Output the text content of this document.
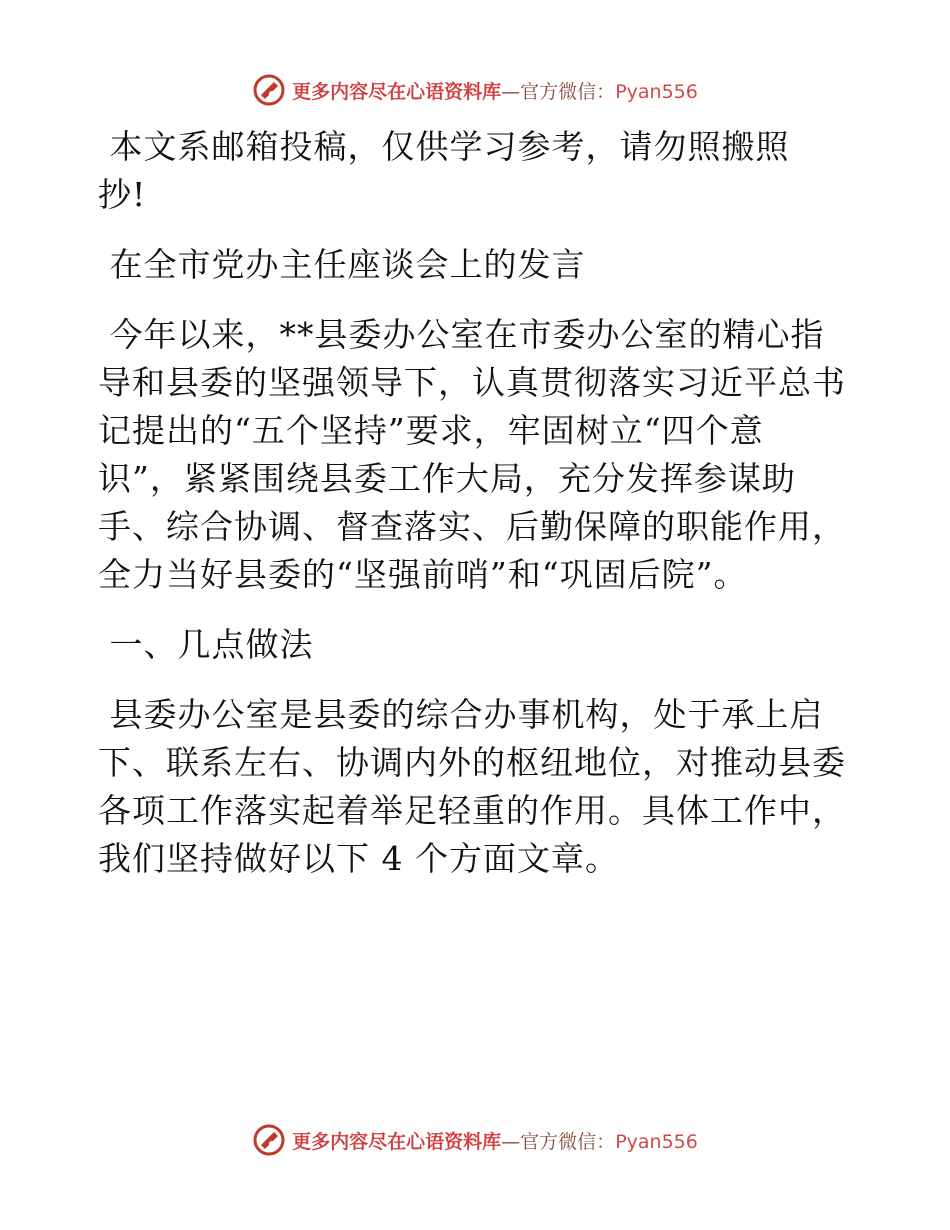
更多内容尽在心语资料库—官方微信：Pyan556

本文系邮箱投稿，仅供学习参考，请勿照搬照
抄!

在全市党办主任座谈会上的发言

今年以来，**县委办公室在市委办公室的精心指
导和县委的坚强领导下，认真贯彻落实习近平总书
记提出的“五个坚持”要求，牢固树立“四个意
识”，紧紧围绕县委工作大局，充分发挥参谋助
手、综合协调、督查落实、后勤保障的职能作用，
全力当好县委的“坚强前哨”和“巩固后院”。

一、几点做法

县委办公室是县委的综合办事机构，处于承上启
下、联系左右、协调内外的枢纽地位，对推动县委
各项工作落实起着举足轻重的作用。具体工作中，
我们坚持做好以下 4 个方面文章。

更多内容尽在心语资料库—官方微信：Pyan556
